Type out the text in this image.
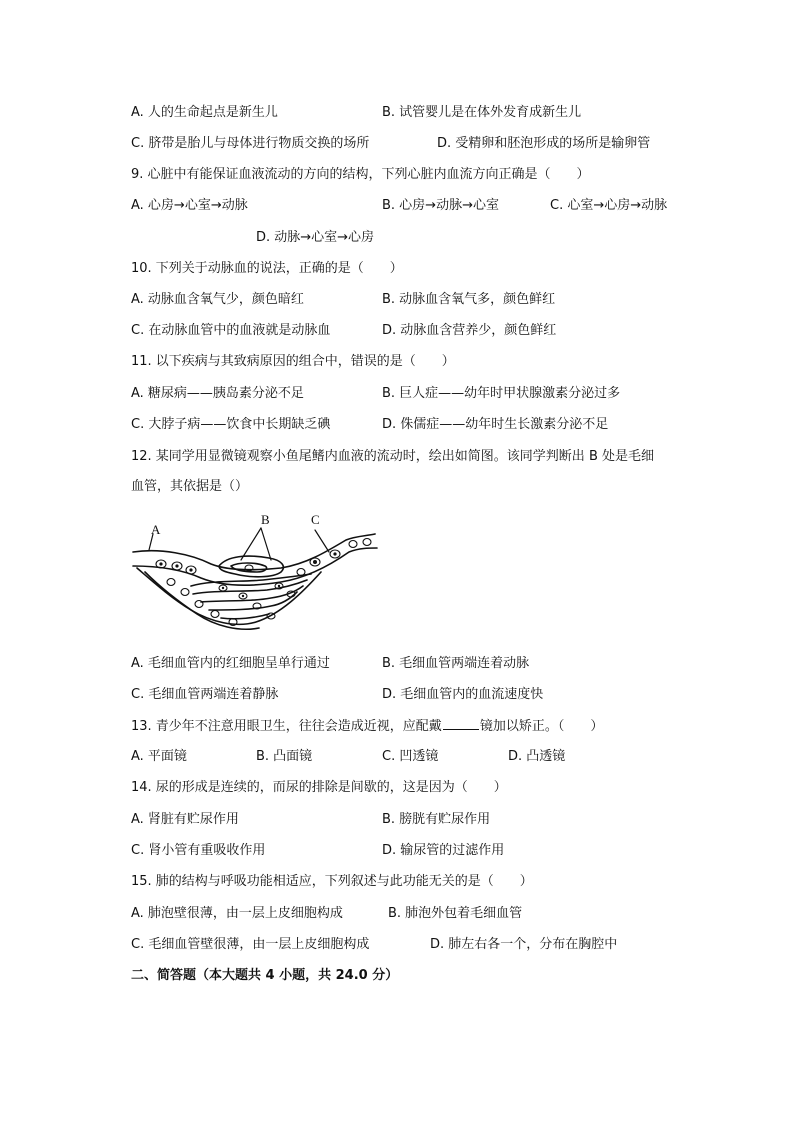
A. 人的生命起点是新生儿	B. 试管婴儿是在体外发育成新生儿
C. 脐带是胎儿与母体进行物质交换的场所	D. 受精卵和胚泡形成的场所是输卵管
9. 心脏中有能保证血液流动的方向的结构，下列心脏内血流方向正确是（　　）
A. 心房→心室→动脉	B. 心房→动脉→心室	C. 心室→心房→动脉
D. 动脉→心室→心房
10. 下列关于动脉血的说法，正确的是（　　）
A. 动脉血含氧气少，颜色暗红	B. 动脉血含氧气多，颜色鲜红
C. 在动脉血管中的血液就是动脉血	D. 动脉血含营养少，颜色鲜红
11. 以下疾病与其致病原因的组合中，错误的是（　　）
A. 糖尿病——胰岛素分泌不足	B. 巨人症——幼年时甲状腺激素分泌过多
C. 大脖子病——饮食中长期缺乏碘	D. 侏儒症——幼年时生长激素分泌不足
12. 某同学用显微镜观察小鱼尾鳍内血液的流动时，绘出如简图。该同学判断出 B 处是毛细
血管，其依据是（）
A
B	C
A. 毛细血管内的红细胞呈单行通过	B. 毛细血管两端连着动脉
C. 毛细血管两端连着静脉	D. 毛细血管内的血流速度快
13. 青少年不注意用眼卫生，往往会造成近视，应配戴	镜加以矫正。（　　）
A. 平面镜	B. 凸面镜	C. 凹透镜	D. 凸透镜
14. 尿的形成是连续的，而尿的排除是间歇的，这是因为（　　）
A. 肾脏有贮尿作用	B. 膀胱有贮尿作用
C. 肾小管有重吸收作用	D. 输尿管的过滤作用
15. 肺的结构与呼吸功能相适应，下列叙述与此功能无关的是（　　）
A. 肺泡壁很薄，由一层上皮细胞构成	B. 肺泡外包着毛细血管
C. 毛细血管壁很薄，由一层上皮细胞构成	D. 肺左右各一个，分布在胸腔中
二、简答题（本大题共 4 小题，共 24.0 分）
